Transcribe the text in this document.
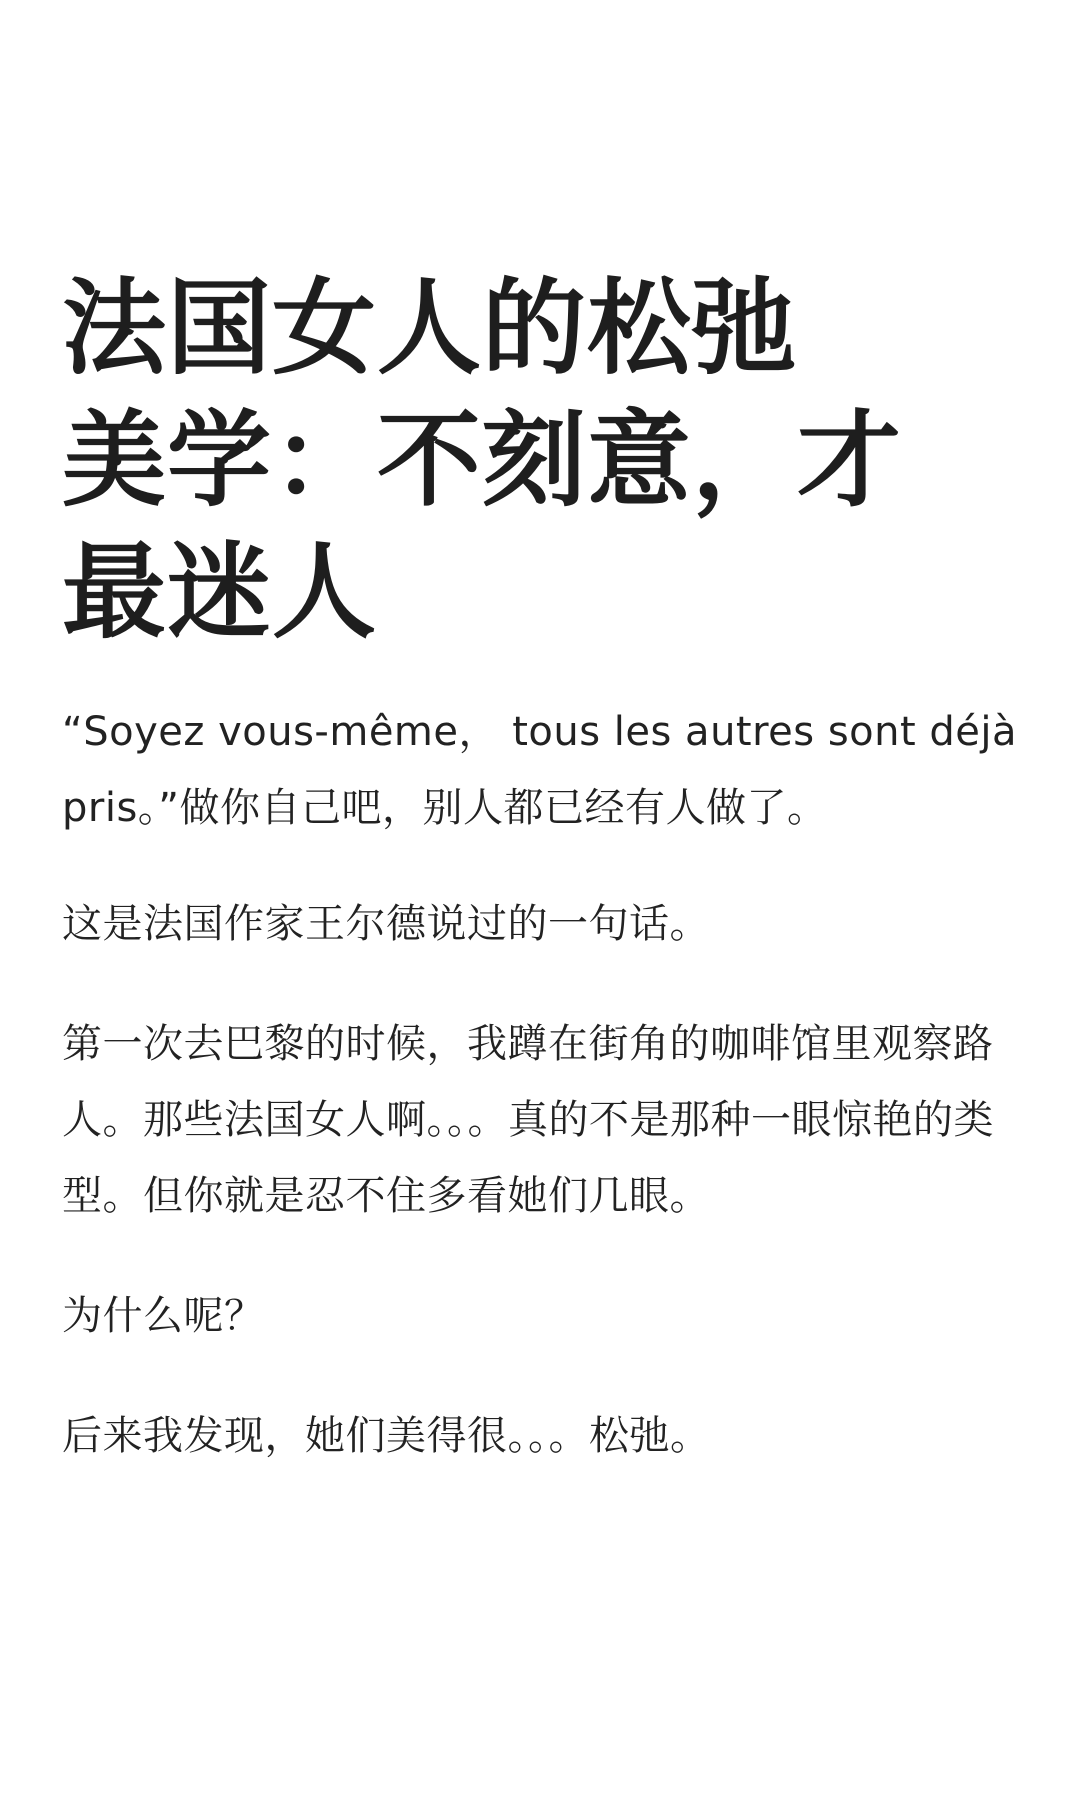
法国女人的松弛
美学：不刻意，才
最迷人

“Soyez vous-même， tous les autres sont déjà pris。”做你自己吧，别人都已经有人做了。

这是法国作家王尔德说过的一句话。

第一次去巴黎的时候，我蹲在街角的咖啡馆里观察路人。那些法国女人啊。。。真的不是那种一眼惊艳的类型。但你就是忍不住多看她们几眼。

为什么呢？

后来我发现，她们美得很。。。松弛。
